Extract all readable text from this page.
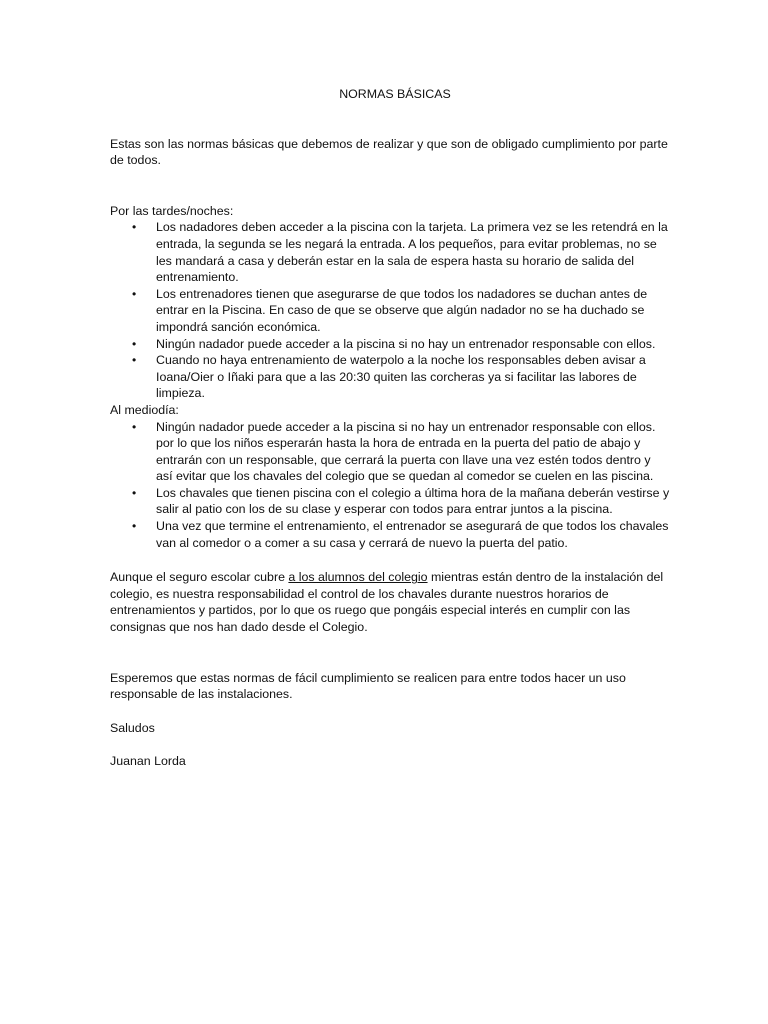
NORMAS BÁSICAS

Estas son las normas básicas que debemos de realizar y que son de obligado cumplimiento por parte de todos.

Por las tardes/noches:

• Los nadadores deben acceder a la piscina con la tarjeta. La primera vez se les retendrá en la entrada, la segunda se les negará la entrada. A los pequeños, para evitar problemas, no se les mandará a casa y deberán estar en la sala de espera hasta su horario de salida del entrenamiento.
• Los entrenadores tienen que asegurarse de que todos los nadadores se duchan antes de entrar en la Piscina. En caso de que se observe que algún nadador no se ha duchado se impondrá sanción económica.
• Ningún nadador puede acceder a la piscina si no hay un entrenador responsable con ellos.
• Cuando no haya entrenamiento de waterpolo a la noche los responsables deben avisar a Ioana/Oier o Iñaki para que a las 20:30 quiten las corcheras ya si facilitar las labores de limpieza.

Al mediodía:

• Ningún nadador puede acceder a la piscina si no hay un entrenador responsable con ellos. por lo que los niños esperarán hasta la hora de entrada en la puerta del patio de abajo y entrarán con un responsable, que cerrará la puerta con llave una vez estén todos dentro y así evitar que los chavales del colegio que se quedan al comedor se cuelen en las piscina.
• Los chavales que tienen piscina con el colegio a última hora de la mañana deberán vestirse y salir al patio con los de su clase y esperar con todos para entrar juntos a la piscina.
• Una vez que termine el entrenamiento, el entrenador se asegurará de que todos los chavales van al comedor o a comer a su casa y cerrará de nuevo la puerta del patio.

Aunque el seguro escolar cubre a los alumnos del colegio mientras están dentro de la instalación del colegio, es nuestra responsabilidad el control de los chavales durante nuestros horarios de entrenamientos y partidos, por lo que os ruego que pongáis especial interés en cumplir con las consignas que nos han dado desde el Colegio.

Esperemos que estas normas de fácil cumplimiento se realicen para entre todos hacer un uso responsable de las instalaciones.

Saludos

Juanan Lorda
